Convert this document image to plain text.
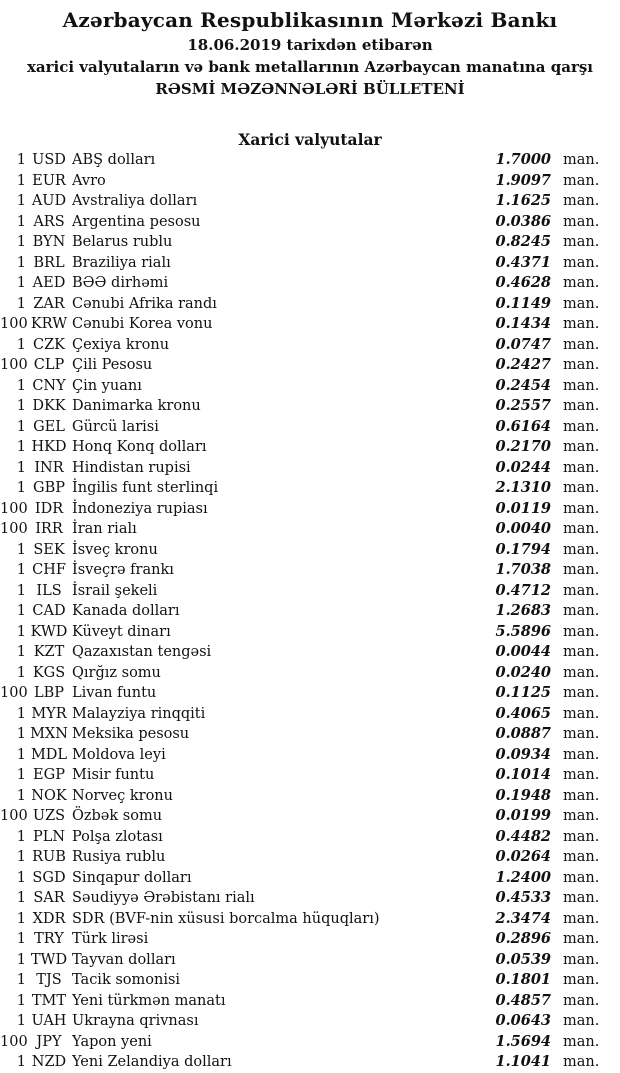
Azərbaycan Respublikasının Mərkəzi Bankı
18.06.2019 tarixdən etibarən
xarici valyutaların və bank metallarının Azərbaycan manatına qarşı
RƏSMİ MƏZƏNNƏLƏRİ BÜLLETENİ
Xarici valyutalar
1 USD ABŞ dolları	1.7000 man.
1 EUR Avro	1.9097 man.
1 AUD Avstraliya dolları	1.1625 man.
1 ARS Argentina pesosu	0.0386 man.
1 BYN Belarus rublu	0.8245 man.
1 BRL Braziliya rialı	0.4371 man.
1 AED BƏƏ dirhəmi	0.4628 man.
1 ZAR Cənubi Afrika randı	0.1149 man.
100 KRW Cənubi Korea vonu	0.1434 man.
1 CZK Çexiya kronu	0.0747 man.
100 CLP Çili Pesosu	0.2427 man.
1 CNY Çin yuanı	0.2454 man.
1 DKK Danimarka kronu	0.2557 man.
1 GEL Gürcü larisi	0.6164 man.
1 HKD Honq Konq dolları	0.2170 man.
1 INR Hindistan rupisi	0.0244 man.
1 GBP İngilis funt sterlinqi	2.1310 man.
100 IDR İndoneziya rupiası	0.0119 man.
100 IRR İran rialı	0.0040 man.
1 SEK İsveç kronu	0.1794 man.
1 CHF İsveçrə frankı	1.7038 man.
1 ILS İsrail şekeli	0.4712 man.
1 CAD Kanada dolları	1.2683 man.
1 KWD Küveyt dinarı	5.5896 man.
1 KZT Qazaxıstan tengəsi	0.0044 man.
1 KGS Qırğız somu	0.0240 man.
100 LBP Livan funtu	0.1125 man.
1 MYR Malayziya rinqqiti	0.4065 man.
1 MXN Meksika pesosu	0.0887 man.
1 MDL Moldova leyi	0.0934 man.
1 EGP Misir funtu	0.1014 man.
1 NOK Norveç kronu	0.1948 man.
100 UZS Özbək somu	0.0199 man.
1 PLN Polşa zlotası	0.4482 man.
1 RUB Rusiya rublu	0.0264 man.
1 SGD Sinqapur dolları	1.2400 man.
1 SAR Səudiyyə Ərəbistanı rialı	0.4533 man.
1 XDR SDR (BVF-nin xüsusi borcalma hüquqları)	2.3474 man.
1 TRY Türk lirəsi	0.2896 man.
1 TWD Tayvan dolları	0.0539 man.
1 TJS Tacik somonisi	0.1801 man.
1 TMT Yeni türkmən manatı	0.4857 man.
1 UAH Ukrayna qrivnası	0.0643 man.
100 JPY Yapon yeni	1.5694 man.
1 NZD Yeni Zelandiya dolları	1.1041 man.
